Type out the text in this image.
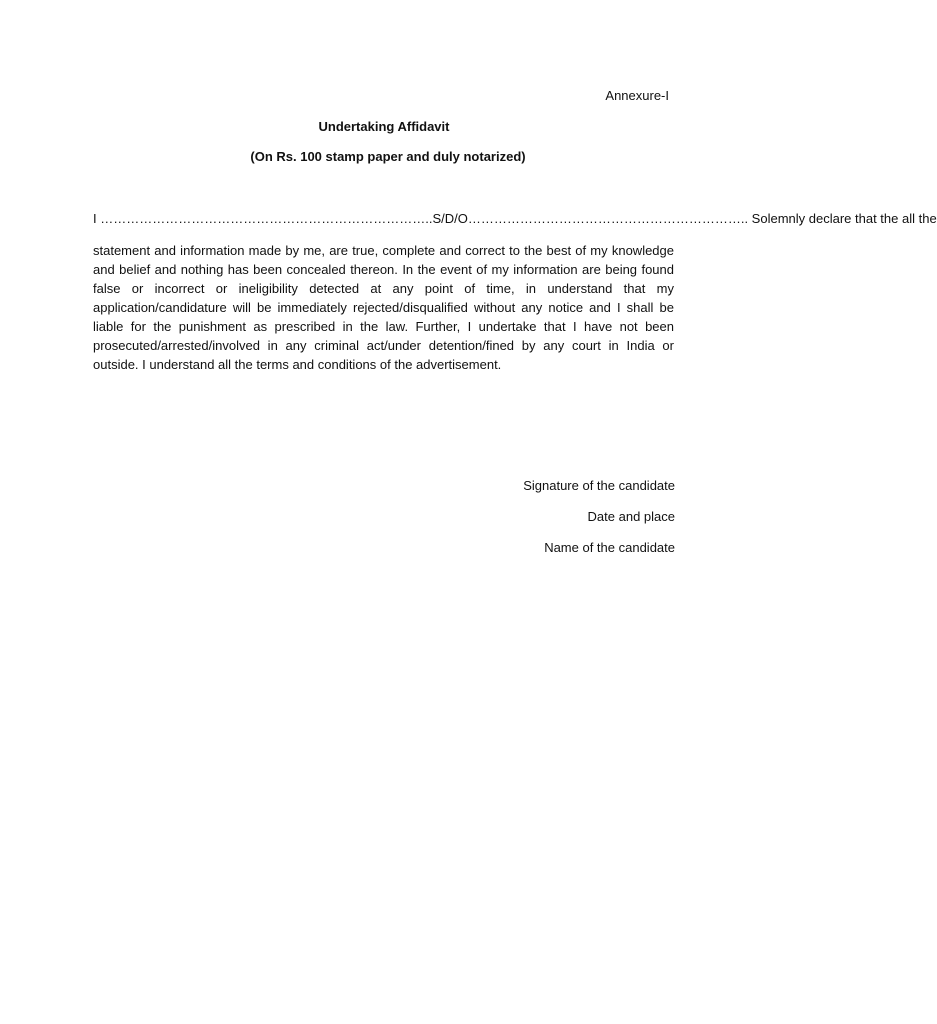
Annexure-I
Undertaking Affidavit
(On Rs. 100 stamp paper and duly notarized)
I …………………………………………………………………..S/D/O……………………………………………………….. Solemnly declare that the all the
statement and information made by me, are true, complete and correct to the best of my knowledge and belief and nothing has been concealed thereon. In the event of my information are being found false or incorrect or ineligibility detected at any point of time, in understand that my application/candidature will be immediately rejected/disqualified without any notice and I shall be liable for the punishment as prescribed in the law. Further, I undertake that I have not been prosecuted/arrested/involved in any criminal act/under detention/fined by any court in India or outside. I understand all the terms and conditions of the advertisement.
Signature of the candidate
Date and place
Name of the candidate
